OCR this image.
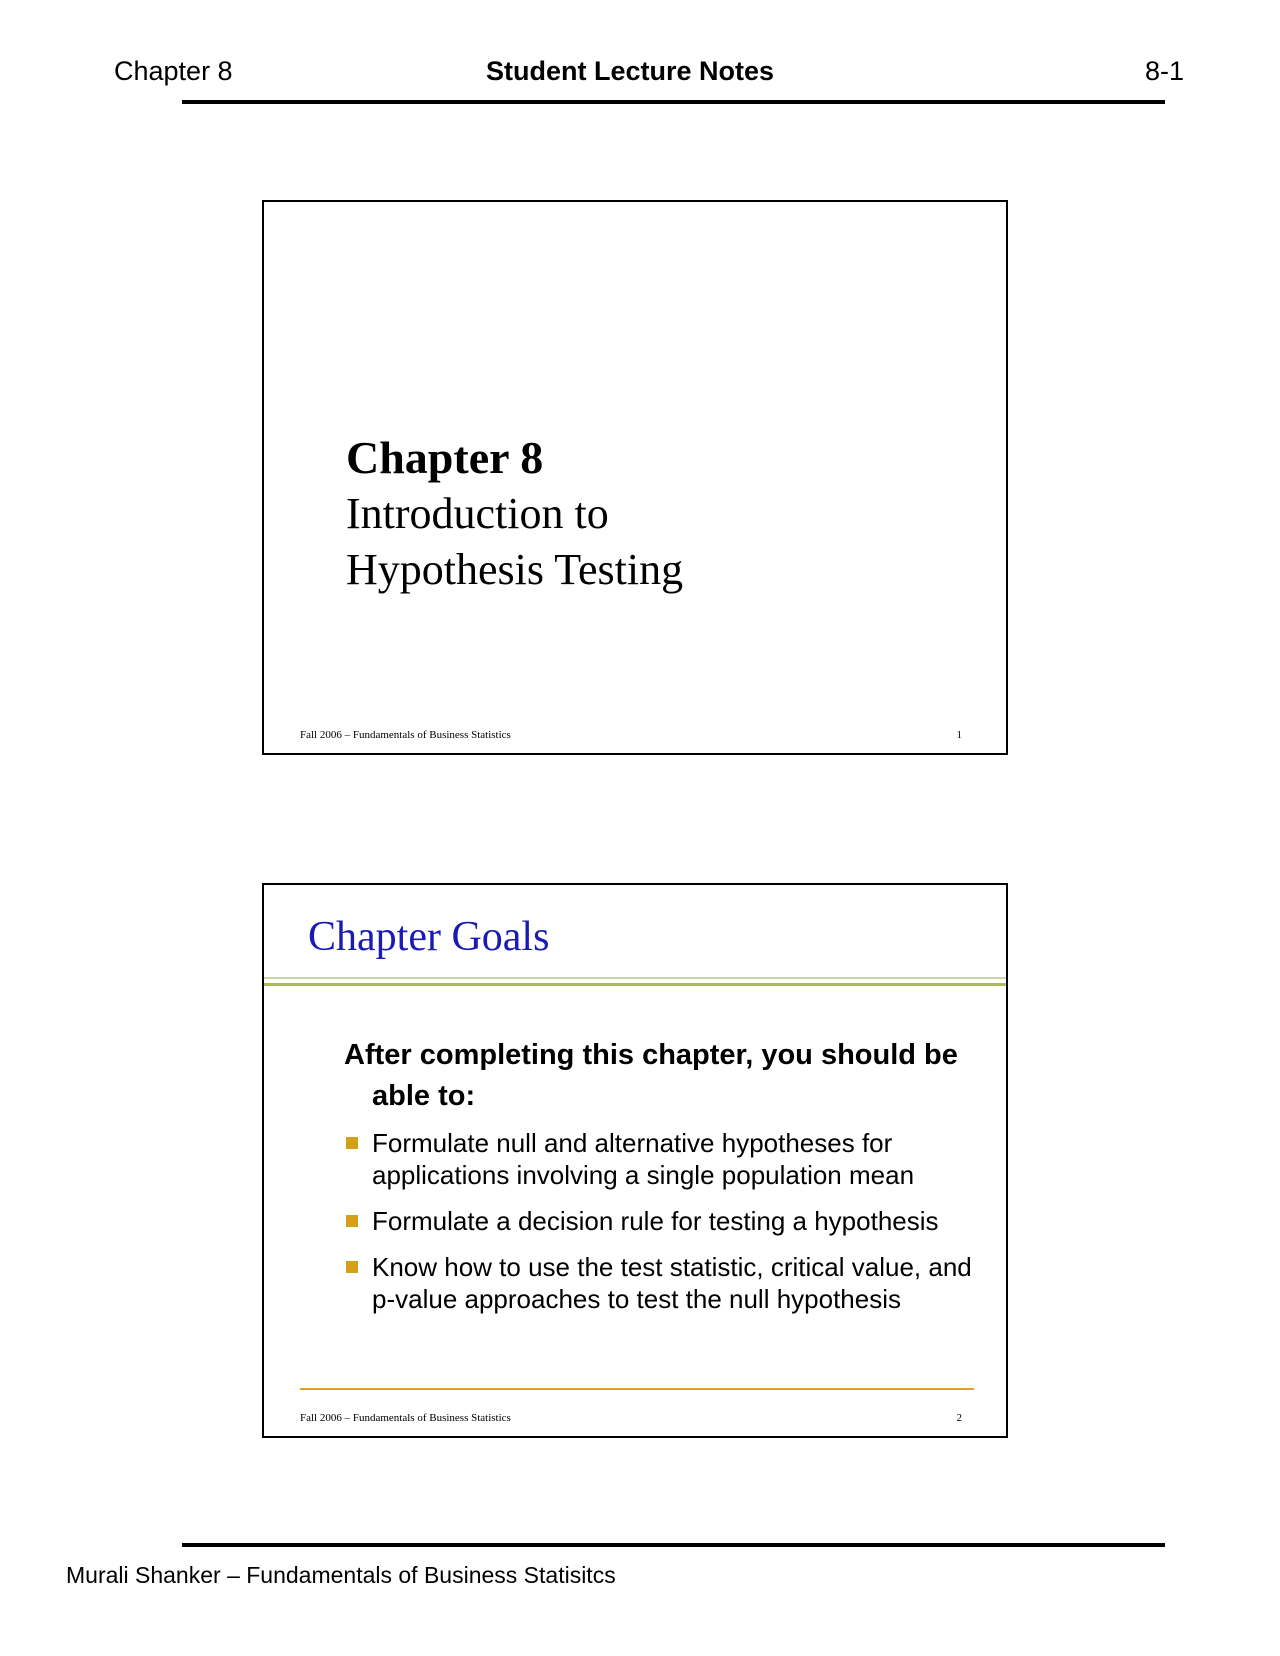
Chapter 8	Student Lecture Notes	8-1
Chapter 8
Introduction to
Hypothesis Testing
Fall 2006 – Fundamentals of Business Statistics	1
Chapter Goals
After completing this chapter, you should be able to:
Formulate null and alternative hypotheses for applications involving a single population mean
Formulate a decision rule for testing a hypothesis
Know how to use the test statistic, critical value, and p-value approaches to test the null hypothesis
Fall 2006 – Fundamentals of Business Statistics	2
Murali Shanker – Fundamentals of Business Statisitcs
